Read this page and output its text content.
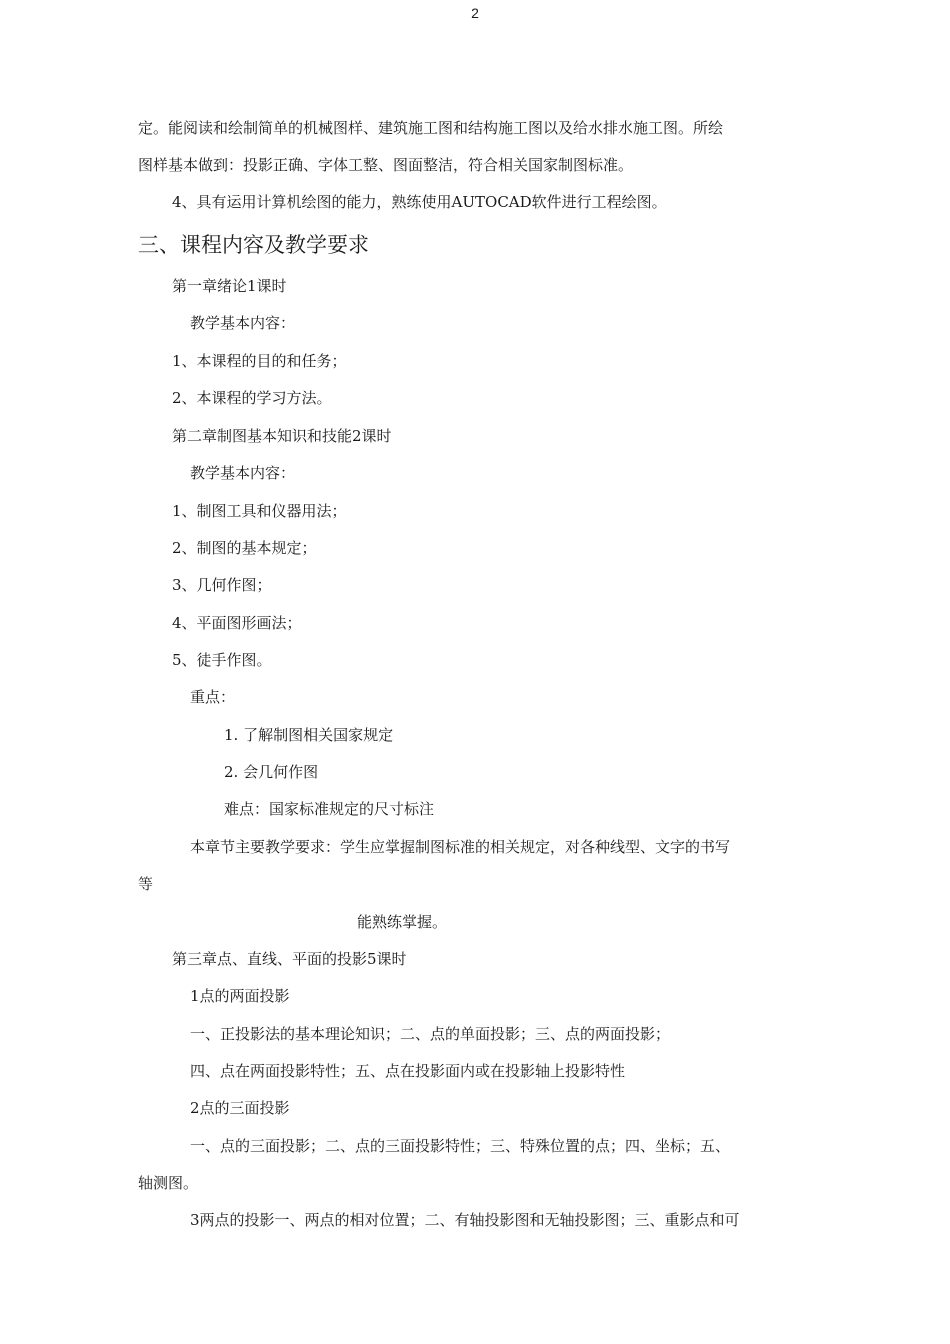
2
定。能阅读和绘制简单的机械图样、建筑施工图和结构施工图以及给水排水施工图。所绘
图样基本做到：投影正确、字体工整、图面整洁，符合相关国家制图标准。
4、具有运用计算机绘图的能力，熟练使用AUTOCAD软件进行工程绘图。
三、课程内容及教学要求
第一章绪论1课时
教学基本内容：
1、本课程的目的和任务；
2、本课程的学习方法。
第二章制图基本知识和技能2课时
教学基本内容：
1、制图工具和仪器用法；
2、制图的基本规定；
3、几何作图；
4、平面图形画法；
5、徒手作图。
重点：
1. 了解制图相关国家规定
2. 会几何作图
难点：国家标准规定的尺寸标注
本章节主要教学要求：学生应掌握制图标准的相关规定，对各种线型、文字的书写
等
能熟练掌握。
第三章点、直线、平面的投影5课时
1点的两面投影
一、正投影法的基本理论知识；二、点的单面投影；三、点的两面投影；
四、点在两面投影特性；五、点在投影面内或在投影轴上投影特性
2点的三面投影
一、点的三面投影；二、点的三面投影特性；三、特殊位置的点；四、坐标；五、
轴测图。
3两点的投影一、两点的相对位置；二、有轴投影图和无轴投影图；三、重影点和可
